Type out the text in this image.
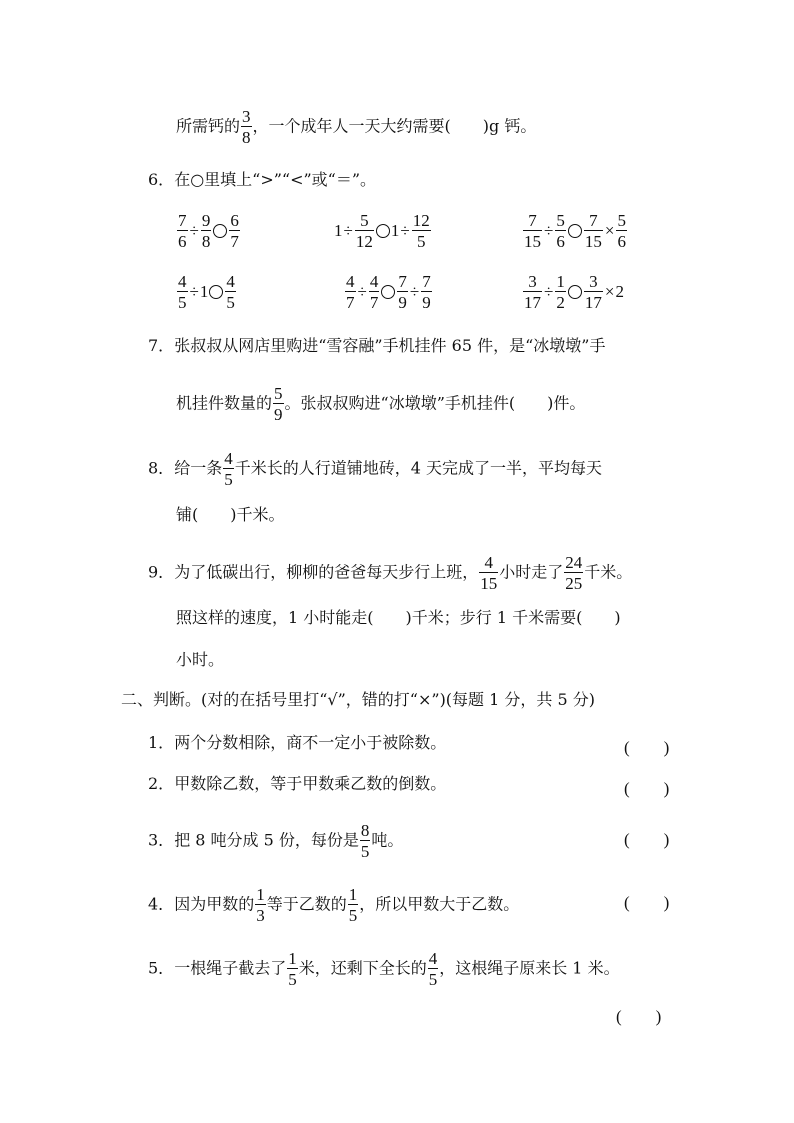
所需钙的 $\frac{3}{8}$ ，一个成年人一天大约需要(　　)g 钙。
6．在○里填上“>”“<”或“＝”。
$\frac{7}{6} \div \frac{9}{8} \frac{6}{7}$	$1\div \frac{5}{12} 1\div \frac{12}{5}$	$\frac{7}{15} \div \frac{5}{6} \frac{7}{15} \times \frac{5}{6}$
$\frac{4}{5} \div 1 \frac{4}{5}$	$\frac{4}{7} \div \frac{4}{7} \frac{7}{9} \div \frac{7}{9}$	$\frac{3}{17} \div \frac{1}{2} \frac{3}{17} \times 2$
7．张叔叔从网店里购进“雪容融”手机挂件 65 件，是“冰墩墩”手
机挂件数量的 $\frac{5}{9}$ 。张叔叔购进“冰墩墩”手机挂件(　　)件。
8．给一条 $\frac{4}{5}$ 千米长的人行道铺地砖，4 天完成了一半，平均每天
铺(　　)千米。
9．为了低碳出行，柳柳的爸爸每天步行上班， $\frac{4}{15}$ 小时走了 $\frac{24}{25}$ 千米。
照这样的速度，1 小时能走(　　)千米；步行 1 千米需要(　　)
小时。
二、判断。(对的在括号里打“√”，错的打“×”)(每题 1 分，共 5 分)
1．两个分数相除，商不一定小于被除数。	(　　)
2．甲数除乙数，等于甲数乘乙数的倒数。	(　　)
3．把 8 吨分成 5 份，每份是 $\frac{8}{5}$ 吨。	(　　)
4．因为甲数的 $\frac{1}{3}$ 等于乙数的 $\frac{1}{5}$ ，所以甲数大于乙数。	(　　)
5．一根绳子截去了 $\frac{1}{5}$ 米，还剩下全长的 $\frac{4}{5}$ ，这根绳子原来长 1 米。
(　　)
